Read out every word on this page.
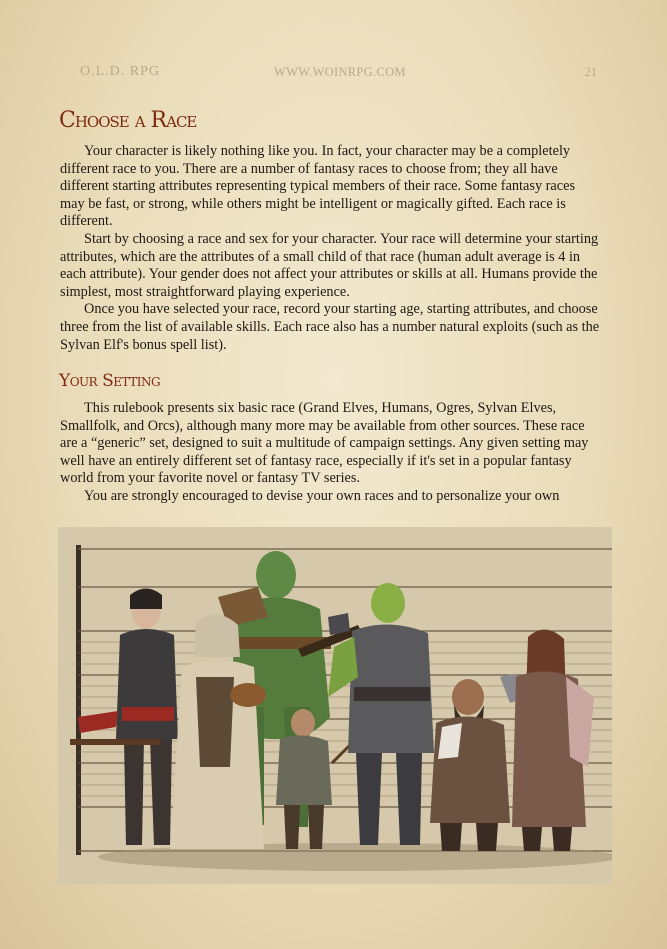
O.L.D. RPG	WWW.WOINRPG.COM	21
Choose a Race

Your character is likely nothing like you. In fact, your character may be a completely different race to you. There are a number of fantasy races to choose from; they all have different starting attributes representing typical members of their race. Some fantasy races may be fast, or strong, while others might be intelligent or magically gifted. Each race is different.

Start by choosing a race and sex for your character. Your race will determine your starting attributes, which are the attributes of a small child of that race (human adult average is 4 in each attribute). Your gender does not affect your attributes or skills at all. Humans provide the simplest, most straightforward playing experience.

Once you have selected your race, record your starting age, starting attributes, and choose three from the list of available skills. Each race also has a number natural exploits (such as the Sylvan Elf's bonus spell list).

Your Setting

This rulebook presents six basic race (Grand Elves, Humans, Ogres, Sylvan Elves, Smallfolk, and Orcs), although many more may be available from other sources. These race are a “generic” set, designed to suit a multitude of campaign settings. Any given setting may well have an entirely different set of fantasy race, especially if it's set in a popular fantasy world from your favorite novel or fantasy TV series.

You are strongly encouraged to devise your own races and to personalize your own
